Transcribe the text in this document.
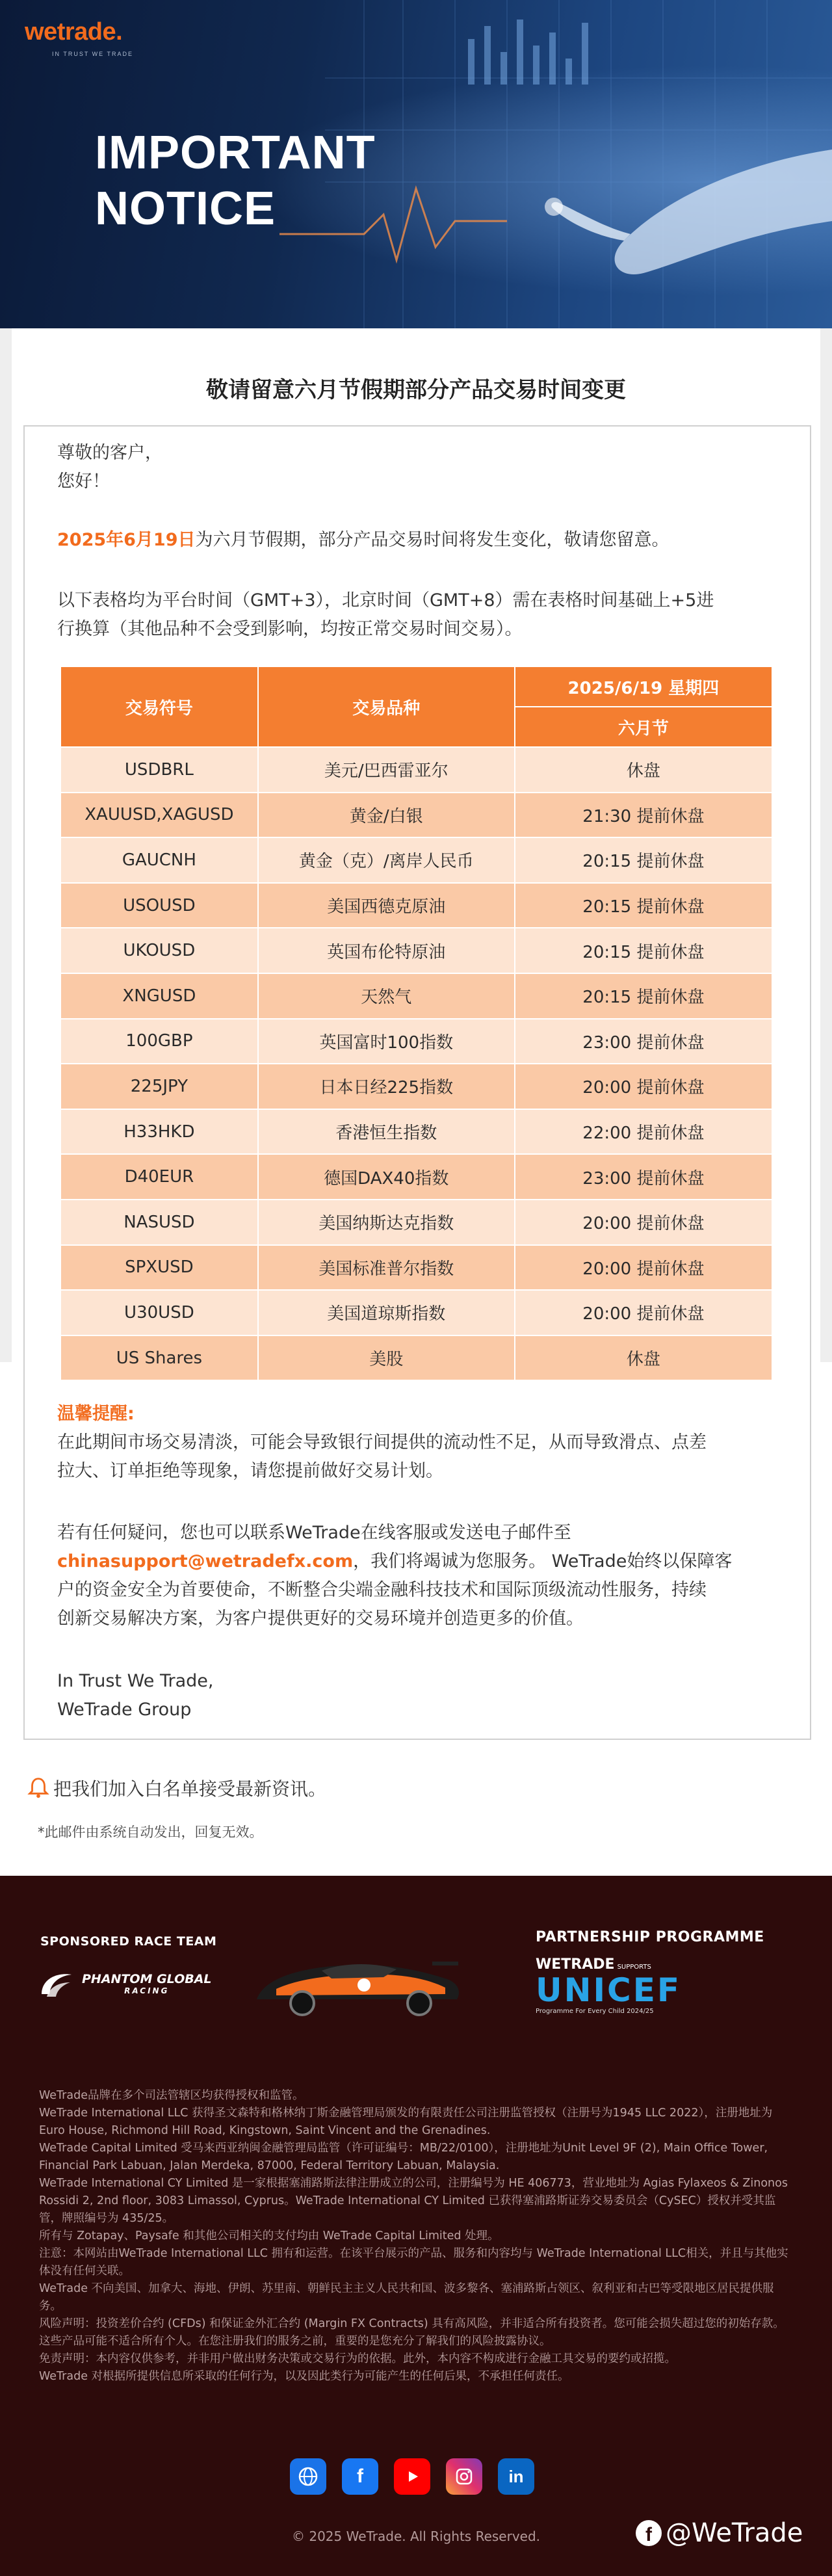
wetrade.
IN TRUST WE TRADE
IMPORTANT
NOTICE
敬请留意六月节假期部分产品交易时间变更
尊敬的客户，
您好！
2025年6月19日为六月节假期，部分产品交易时间将发生变化，敬请您留意。
以下表格均为平台时间（GMT+3），北京时间（GMT+8）需在表格时间基础上+5进
行换算（其他品种不会受到影响，均按正常交易时间交易）。
交易符号	交易品种	2025/6/19 星期四
		六月节
USDBRL	美元/巴西雷亚尔	休盘
XAUUSD,XAGUSD	黄金/白银	21:30 提前休盘
GAUCNH	黄金（克）/离岸人民币	20:15 提前休盘
USOUSD	美国西德克原油	20:15 提前休盘
UKOUSD	英国布伦特原油	20:15 提前休盘
XNGUSD	天然气	20:15 提前休盘
100GBP	英国富时100指数	23:00 提前休盘
225JPY	日本日经225指数	20:00 提前休盘
H33HKD	香港恒生指数	22:00 提前休盘
D40EUR	德国DAX40指数	23:00 提前休盘
NASUSD	美国纳斯达克指数	20:00 提前休盘
SPXUSD	美国标准普尔指数	20:00 提前休盘
U30USD	美国道琼斯指数	20:00 提前休盘
US Shares	美股	休盘
温馨提醒:
在此期间市场交易清淡，可能会导致银行间提供的流动性不足，从而导致滑点、点差
拉大、订单拒绝等现象，请您提前做好交易计划。
若有任何疑问，您也可以联系WeTrade在线客服或发送电子邮件至
chinasupport@wetradefx.com，我们将竭诚为您服务。 WeTrade始终以保障客
户的资金安全为首要使命，不断整合尖端金融科技技术和国际顶级流动性服务，持续
创新交易解决方案，为客户提供更好的交易环境并创造更多的价值。
In Trust We Trade,
WeTrade Group
把我们加入白名单接受最新资讯。
*此邮件由系统自动发出，回复无效。
SPONSORED RACE TEAM	PARTNERSHIP PROGRAMME
PHANTOM GLOBAL
RACING
WETRADE SUPPORTS
UNICEF
Programme For Every Child 2024/25
WeTrade品牌在多个司法管辖区均获得授权和监管。
WeTrade International LLC 获得圣文森特和格林纳丁斯金融管理局颁发的有限责任公司注册监管授权（注册号为1945 LLC 2022），注册地址为 Euro House, Richmond Hill Road, Kingstown, Saint Vincent and the Grenadines.
WeTrade Capital Limited 受马来西亚纳闽金融管理局监管（许可证编号：MB/22/0100），注册地址为Unit Level 9F (2), Main Office Tower, Financial Park Labuan, Jalan Merdeka, 87000, Federal Territory Labuan, Malaysia.
WeTrade International CY Limited 是一家根据塞浦路斯法律注册成立的公司，注册编号为 HE 406773，营业地址为 Agias Fylaxeos & Zinonos Rossidi 2, 2nd floor, 3083 Limassol, Cyprus。WeTrade International CY Limited 已获得塞浦路斯证券交易委员会（CySEC）授权并受其监管，牌照编号为 435/25。
所有与 Zotapay、Paysafe 和其他公司相关的支付均由 WeTrade Capital Limited 处理。
注意：本网站由WeTrade International LLC 拥有和运营。在该平台展示的产品、服务和内容均与 WeTrade International LLC相关，并且与其他实体没有任何关联。
WeTrade 不向美国、加拿大、海地、伊朗、苏里南、朝鲜民主主义人民共和国、波多黎各、塞浦路斯占领区、叙利亚和古巴等受限地区居民提供服务。
风险声明：投资差价合约 (CFDs) 和保证金外汇合约 (Margin FX Contracts) 具有高风险，并非适合所有投资者。您可能会损失超过您的初始存款。这些产品可能不适合所有个人。在您注册我们的服务之前，重要的是您充分了解我们的风险披露协议。
免责声明：本内容仅供参考，并非用户做出财务决策或交易行为的依据。此外，本内容不构成进行金融工具交易的要约或招揽。
WeTrade 对根据所提供信息所采取的任何行为，以及因此类行为可能产生的任何后果，不承担任何责任。
f	in
© 2025 WeTrade. All Rights Reserved.	f @WeTrade
